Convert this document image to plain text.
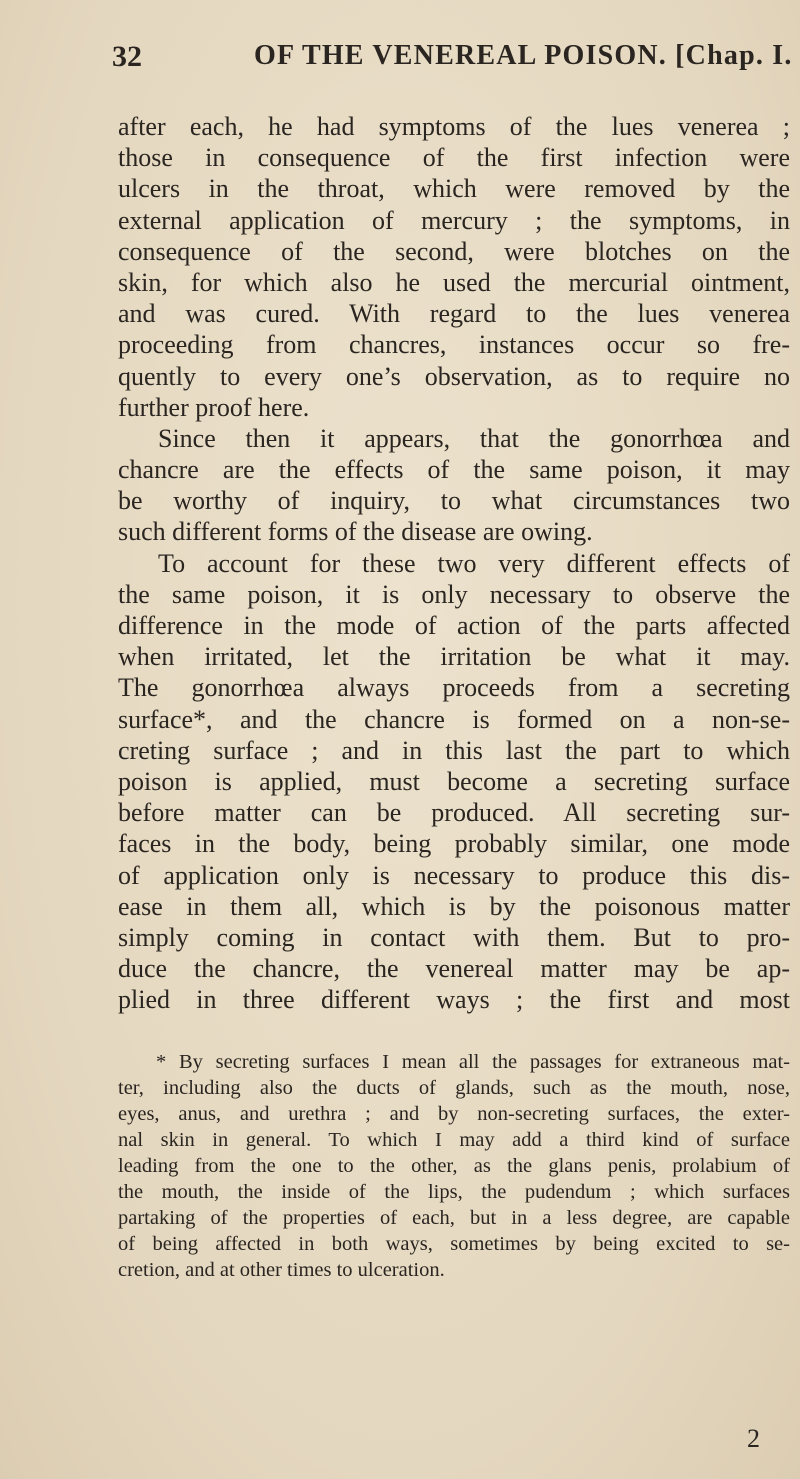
32	OF THE VENEREAL POISON. [Chap. I.
after each, he had symptoms of the lues venerea ;
those in consequence of the first infection were
ulcers in the throat, which were removed by the
external application of mercury ; the symptoms, in
consequence of the second, were blotches on the
skin, for which also he used the mercurial ointment,
and was cured. With regard to the lues venerea
proceeding from chancres, instances occur so fre-
quently to every one’s observation, as to require no
further proof here.
Since then it appears, that the gonorrhœa and
chancre are the effects of the same poison, it may
be worthy of inquiry, to what circumstances two
such different forms of the disease are owing.
To account for these two very different effects of
the same poison, it is only necessary to observe the
difference in the mode of action of the parts affected
when irritated, let the irritation be what it may.
The gonorrhœa always proceeds from a secreting
surface*, and the chancre is formed on a non-se-
creting surface ; and in this last the part to which
poison is applied, must become a secreting surface
before matter can be produced. All secreting sur-
faces in the body, being probably similar, one mode
of application only is necessary to produce this dis-
ease in them all, which is by the poisonous matter
simply coming in contact with them. But to pro-
duce the chancre, the venereal matter may be ap-
plied in three different ways ; the first and most
* By secreting surfaces I mean all the passages for extraneous mat-
ter, including also the ducts of glands, such as the mouth, nose,
eyes, anus, and urethra ; and by non-secreting surfaces, the exter-
nal skin in general. To which I may add a third kind of surface
leading from the one to the other, as the glans penis, prolabium of
the mouth, the inside of the lips, the pudendum ; which surfaces
partaking of the properties of each, but in a less degree, are capable
of being affected in both ways, sometimes by being excited to se-
cretion, and at other times to ulceration.
2
